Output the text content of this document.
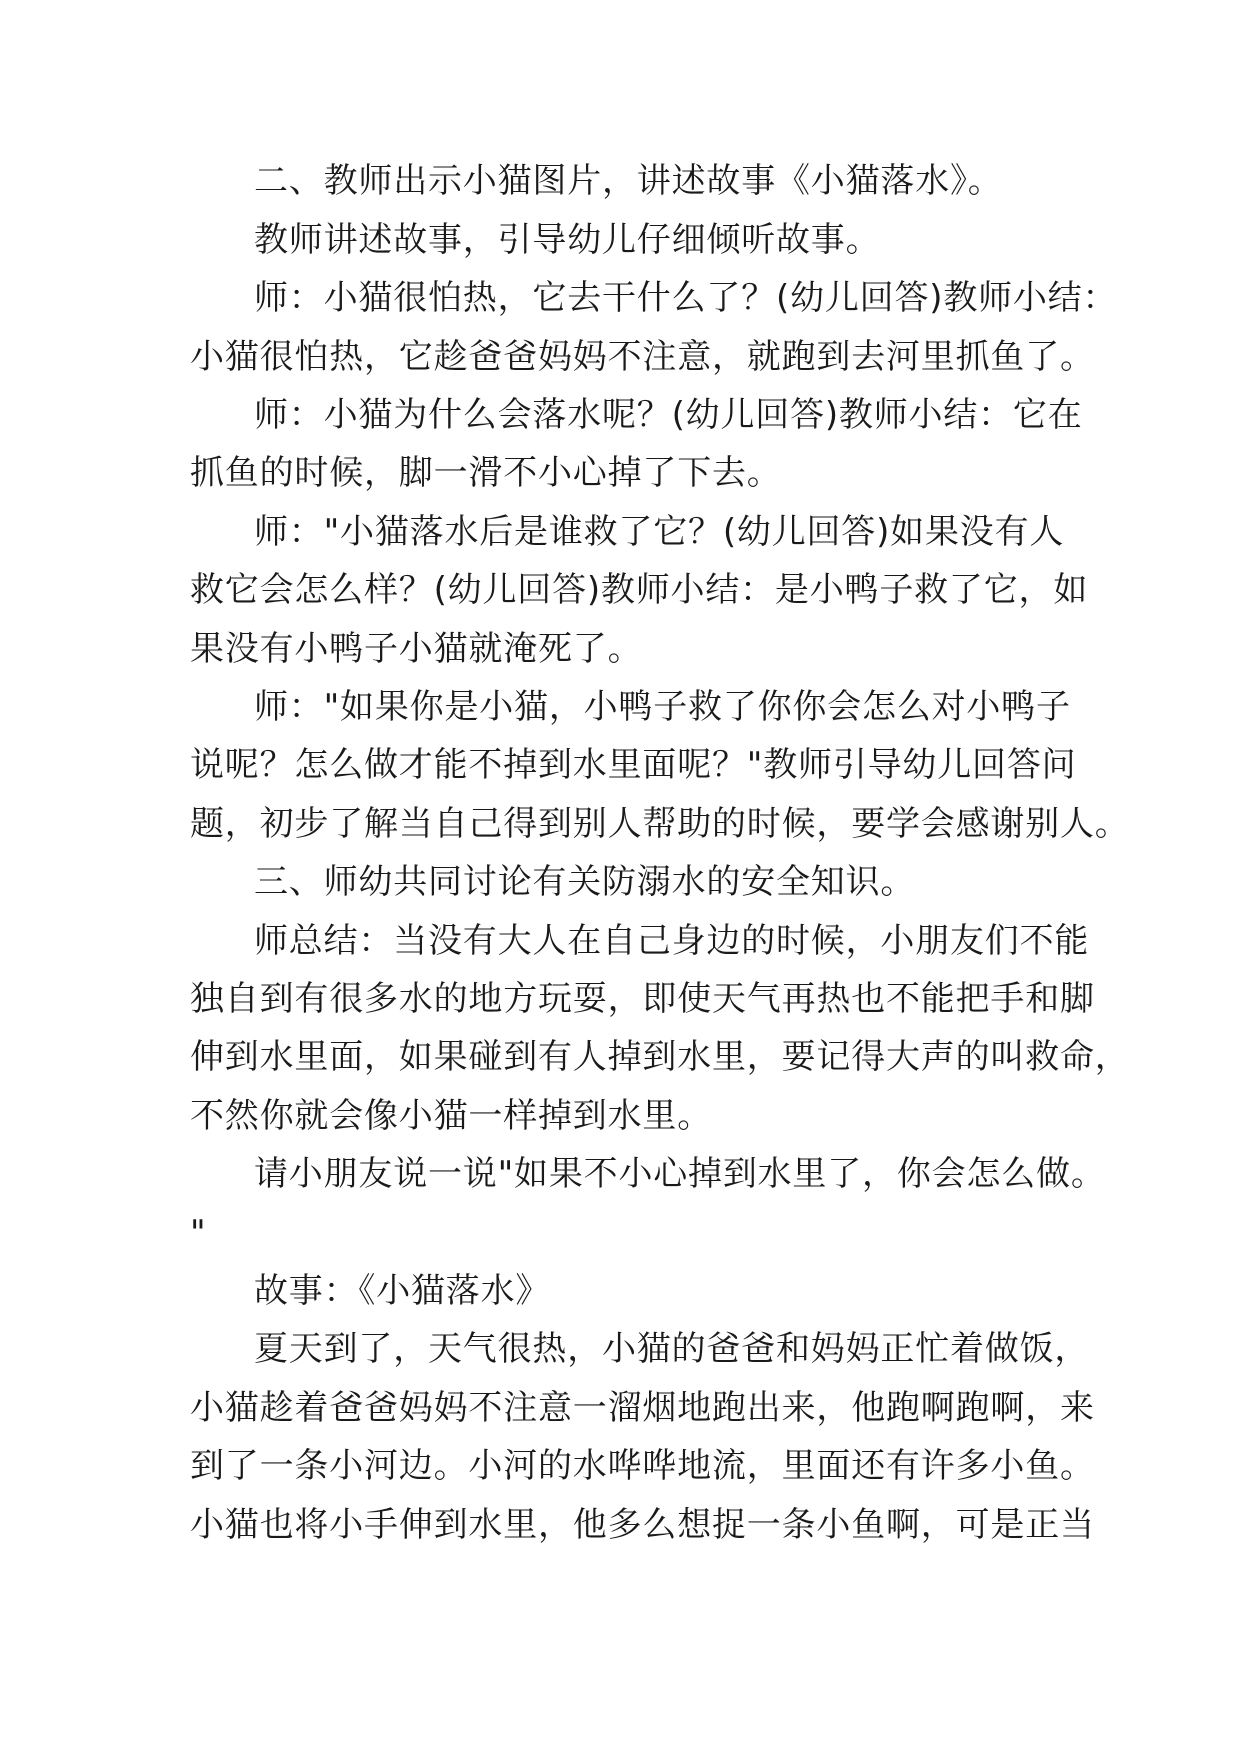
二、教师出示小猫图片，讲述故事《小猫落水》。
教师讲述故事，引导幼儿仔细倾听故事。
师：小猫很怕热，它去干什么了？(幼儿回答)教师小结：
小猫很怕热，它趁爸爸妈妈不注意，就跑到去河里抓鱼了。
师：小猫为什么会落水呢？(幼儿回答)教师小结：它在
抓鱼的时候，脚一滑不小心掉了下去。
师："小猫落水后是谁救了它？(幼儿回答)如果没有人
救它会怎么样？(幼儿回答)教师小结：是小鸭子救了它，如
果没有小鸭子小猫就淹死了。
师："如果你是小猫，小鸭子救了你你会怎么对小鸭子
说呢？怎么做才能不掉到水里面呢？"教师引导幼儿回答问
题，初步了解当自己得到别人帮助的时候，要学会感谢别人。
三、师幼共同讨论有关防溺水的安全知识。
师总结：当没有大人在自己身边的时候，小朋友们不能
独自到有很多水的地方玩耍，即使天气再热也不能把手和脚
伸到水里面，如果碰到有人掉到水里，要记得大声的叫救命，
不然你就会像小猫一样掉到水里。
请小朋友说一说"如果不小心掉到水里了，你会怎么做。
"
故事：《小猫落水》
夏天到了，天气很热，小猫的爸爸和妈妈正忙着做饭，
小猫趁着爸爸妈妈不注意一溜烟地跑出来，他跑啊跑啊，来
到了一条小河边。小河的水哗哗地流，里面还有许多小鱼。
小猫也将小手伸到水里，他多么想捉一条小鱼啊，可是正当
